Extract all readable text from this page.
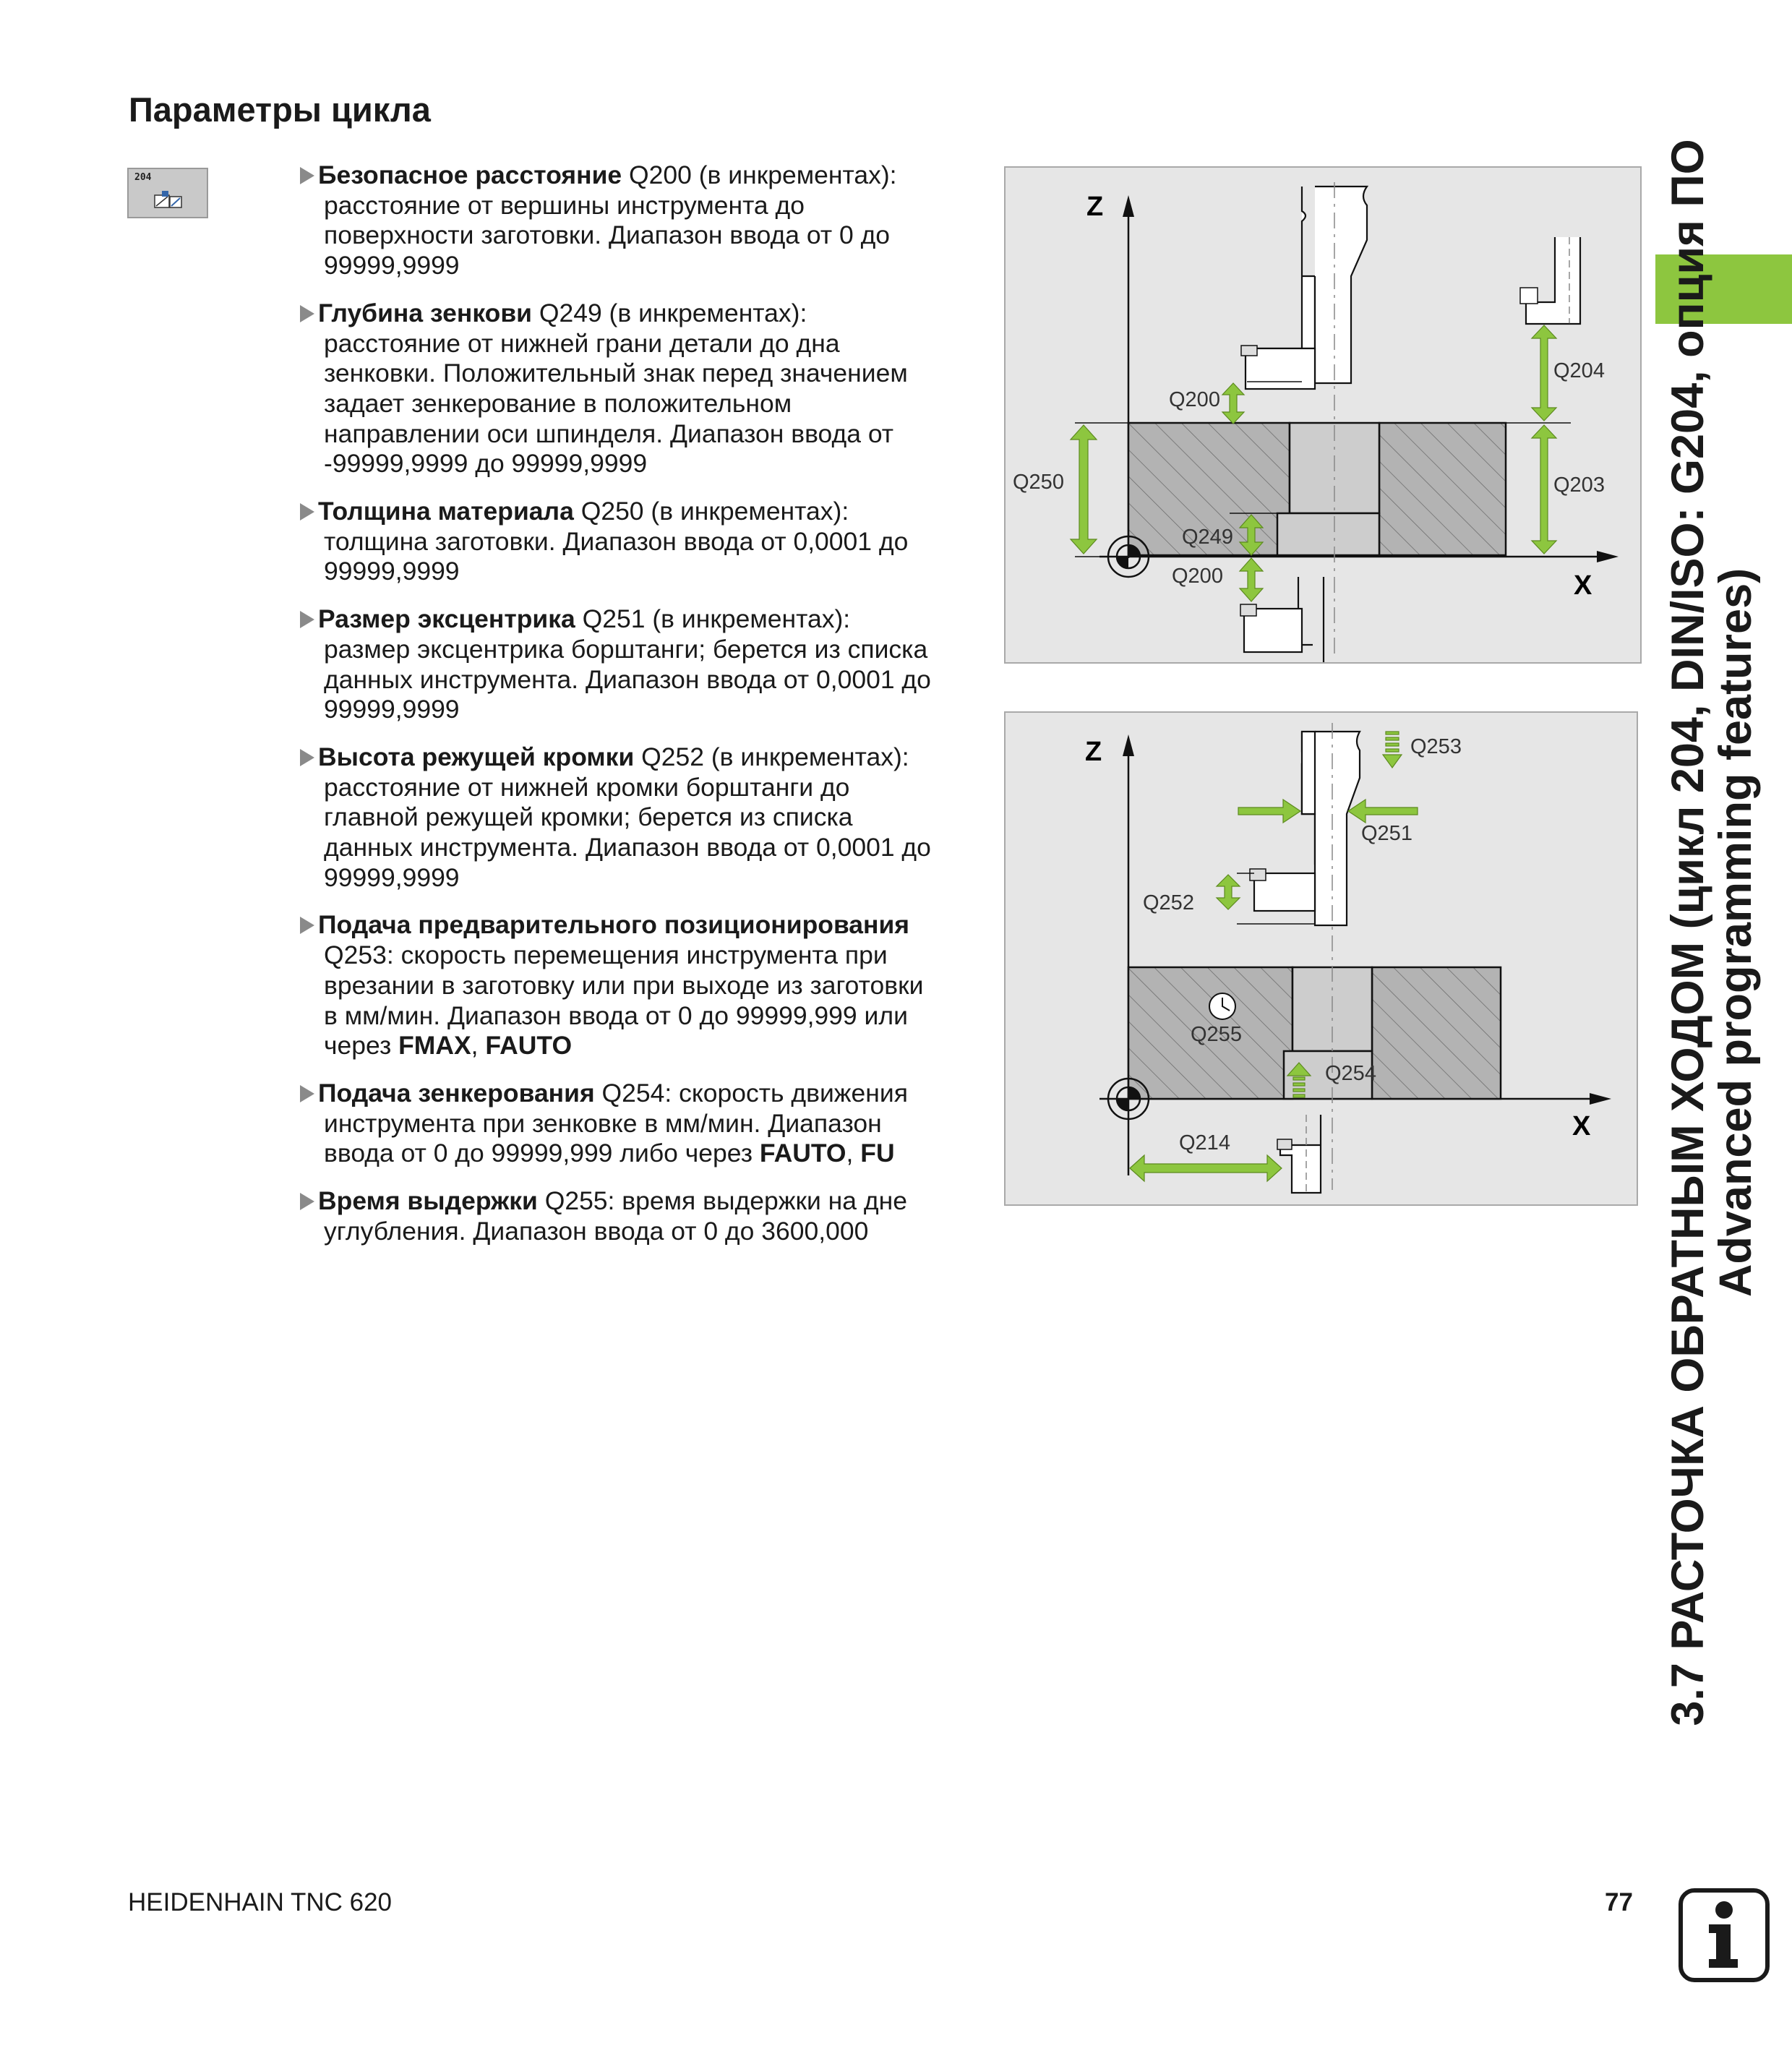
Параметры цикла
204	Безопасное расстояние Q200 (в инкрементах):
расстояние от вершины инструмента до
поверхности заготовки. Диапазон ввода от 0 до
99999,9999
Глубина зенкови Q249 (в инкрементах):
расстояние от нижней грани детали до дна
зенковки. Положительный знак перед значением
задает зенкерование в положительном
направлении оси шпинделя. Диапазон ввода от
-99999,9999 до 99999,9999
Толщина материала Q250 (в инкрементах):
толщина заготовки. Диапазон ввода от 0,0001 до
99999,9999
Размер эксцентрика Q251 (в инкрементах):
размер эксцентрика борштанги; берется из списка
данных инструмента. Диапазон ввода от 0,0001 до
99999,9999
Высота режущей кромки Q252 (в инкрементах):
расстояние от нижней кромки борштанги до
главной режущей кромки; берется из списка
данных инструмента. Диапазон ввода от 0,0001 до
99999,9999
Подача предварительного позиционирования
Q253: скорость перемещения инструмента при
врезании в заготовку или при выходе из заготовки
в мм/мин. Диапазон ввода от 0 до 99999,999 или
через FMAX, FAUTO
Подача зенкерования Q254: скорость движения
инструмента при зенковке в мм/мин. Диапазон
ввода от 0 до 99999,999 либо через FAUTO, FU
Время выдержки Q255: время выдержки на дне
углубления. Диапазон ввода от 0 до 3600,000
Z
X
Q200
Q204
Q250	Q203
Q249
Q200
Z
X
Q253
Q251
Q252
Q255
Q254
Q214	3.7 РАСТОЧКА ОБРАТНЫМ ХОДОМ (цикл 204, DIN/ISO: G204, опция ПО

Advanced programming features)
HEIDENHAIN TNC 620	77
